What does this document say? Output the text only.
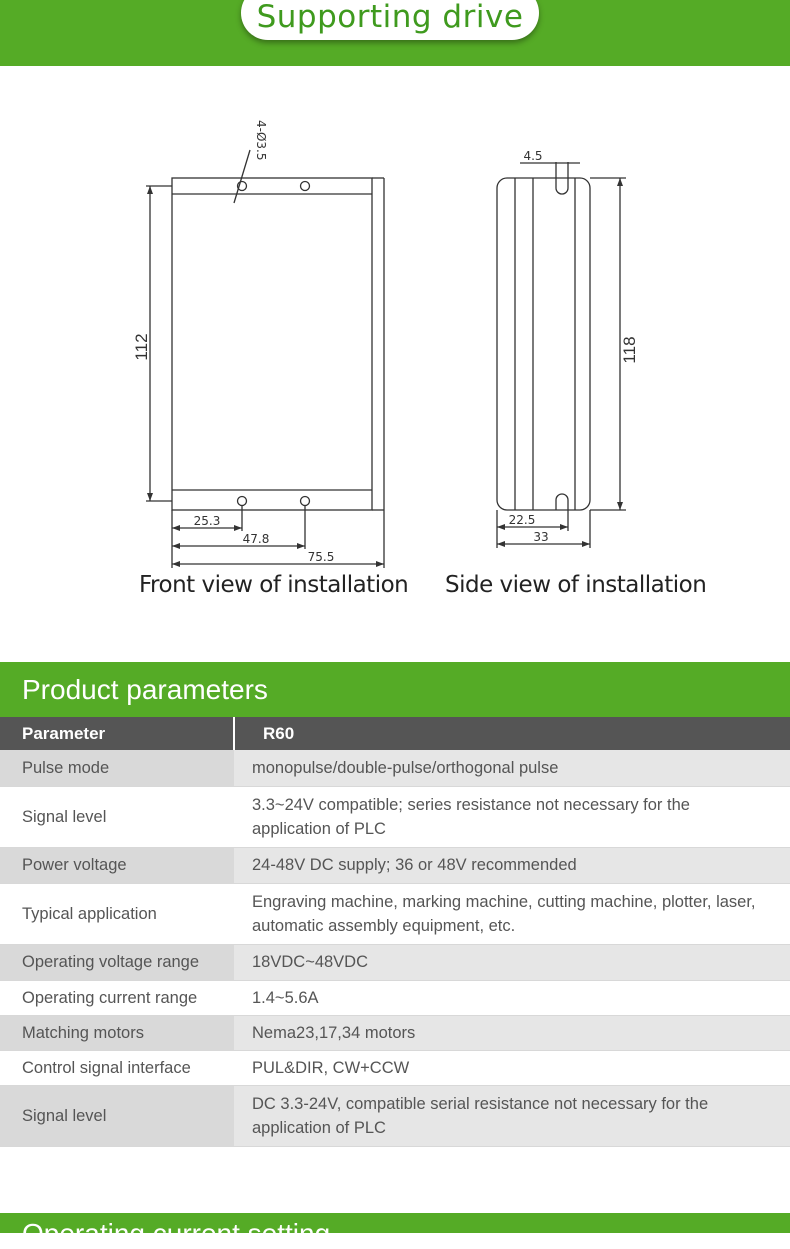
Supporting drive
4-Ø3.5
112
25.3
47.8
75.5
4.5
118
22.5
33
Front view of installation Side view of installation
Product parameters
Parameter	R60
Pulse mode	monopulse/double-pulse/orthogonal pulse
Signal level	3.3~24V compatible; series resistance not necessary for the application of PLC
Power voltage	24-48V DC supply; 36 or 48V recommended
Typical application	Engraving machine, marking machine, cutting machine, plotter, laser, automatic assembly equipment, etc.
Operating voltage range	18VDC~48VDC
Operating current range	1.4~5.6A
Matching motors	Nema23,17,34 motors
Control signal interface	PUL&DIR, CW+CCW
Signal level	DC 3.3-24V, compatible serial resistance not necessary for the application of PLC
Operating current setting
